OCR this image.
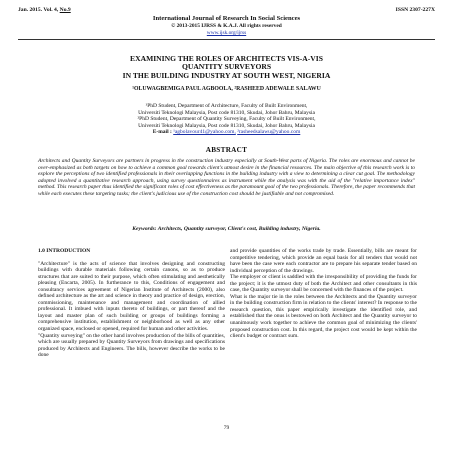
Jan. 2015. Vol. 4, No.9	ISSN 2307-227X
International Journal of Research In Social Sciences
© 2013-2015 IJRSS & K.A.J. All rights reserved
www.ijsk.org/ijrss
EXAMINING THE ROLES OF ARCHITECTS VIS-A-VIS
QUANTITY SURVEYORS
IN THE BUILDING INDUSTRY AT SOUTH WEST, NIGERIA
¹OLUWAGBEMIGA PAUL AGBOOLA, ²RASHEED ADEWALE SALAWU
¹PhD Student, Department of Architecture, Faculty of Built Environment,
Universiti Teknologi Malaysia, Post code 81310, Skudai, Johor Bahru, Malaysia
²PhD Student, Department of Quantity Surveying, Faculty of Built Environment,
Universiti Teknologi Malaysia, Post code 81310, Skudai, Johor Bahru, Malaysia
E-mail : ¹agbolavour41@yahoo.com, ²rasheedsalawu@yahoo.com
ABSTRACT
Architects and Quantity Surveyors are partners in progress in the construction industry especially at South-West parts of Nigeria. The roles are enormous and cannot be over-emphasized as both targets on how to achieve a common goal towards client's utmost desire in the financial resources. The main objective of this research work is to explore the perceptions of two identified professionals in their overlapping functions in the building industry with a view to determining a clear cut goal. The methodology adopted involved a quantitative research approach, using survey questionnaires as instrument while the analysis was with the aid of the "relative importance index" method. This research paper thus identified the significant roles of cost effectiveness as the paramount goal of the two professionals. Therefore, the paper recommends that while each executes these targeting tasks; the client's judicious use of the construction cost should be justifiable and not compromised.
Keywords: Architects, Quantity surveyor, Client's cost, Building industry, Nigeria.
1.0 INTRODUCTION

"Architecture" is the acts of science that involves designing and constructing buildings with durable materials following certain canons, so as to produce structures that are suited to their purpose, which often stimulating and aesthetically pleasing (Encarta, 2005). In furtherance to this, Conditions of engagement and consultancy services agreement of Nigerian Institute of Architects (2000), also defined architecture as the art and science in theory and practice of design, erection, commissioning, maintenance and management and coordination of allied professional. It imbued with inputs thereto of buildings, or part thereof and the layout and master plan of such building or groups of buildings forming a comprehensive institution, establishment or neighborhood as well as any other organized space, enclosed or opened, required for human and other activities.

"Quantity surveying" on the other hand involves production of the bills of quantities, which are usually prepared by Quantity Surveyors from drawings and specifications produced by Architects and Engineers. The bills, however describe the works to be done

and provide quantities of the works trade by trade. Essentially, bills are meant for competitive tendering, which provide an equal basis for all tenders that would not have been the case were each contractor are to prepare his separate tender based on individual perception of the drawings.

The employer or client is saddled with the irresponsibility of providing the funds for the project; it is the utmost duty of both the Architect and other consultants in this case, the Quantity surveyor shall be concerned with the finances of the project.

What is the major tie in the roles between the Architects and the Quantity surveyor in the building construction firm in relation to the clients' interest? In response to the research question, this paper empirically investigate the identified role, and established that the onus is bestowed on both Architect and the Quantity surveyor to unanimously work together to achieve the common goal of minimizing the clients' proposed construction cost. In this regard, the project cost would be kept within the client's budget or contract sum.

79
